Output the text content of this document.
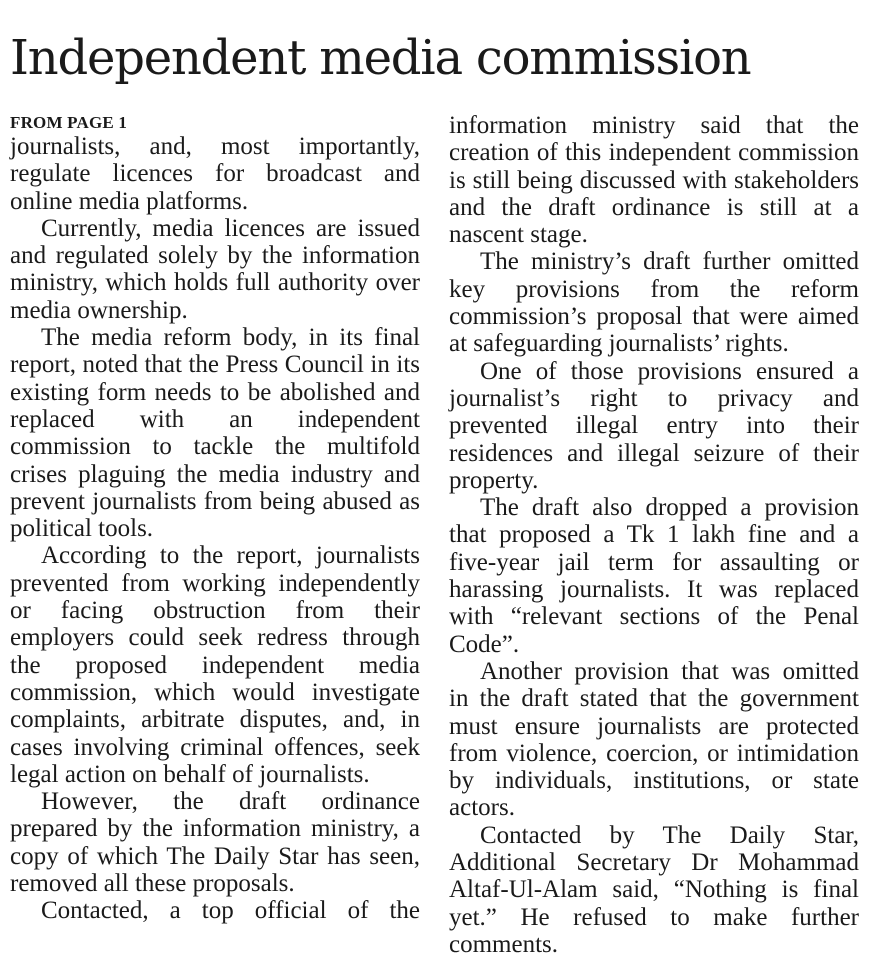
Independent media commission
FROM PAGE 1

journalists, and, most importantly, regulate licences for broadcast and online media platforms.

Currently, media licences are issued and regulated solely by the information ministry, which holds full authority over media ownership.

The media reform body, in its final report, noted that the Press Council in its existing form needs to be abolished and replaced with an independent commission to tackle the multifold crises plaguing the media industry and prevent journalists from being abused as political tools.

According to the report, journalists prevented from working independently or facing obstruction from their employers could seek redress through the proposed independent media commission, which would investigate complaints, arbitrate disputes, and, in cases involving criminal offences, seek legal action on behalf of journalists.

However, the draft ordinance prepared by the information ministry, a copy of which The Daily Star has seen, removed all these proposals.

Contacted, a top official of the

information ministry said that the creation of this independent commission is still being discussed with stakeholders and the draft ordinance is still at a nascent stage.

The ministry’s draft further omitted key provisions from the reform commission’s proposal that were aimed at safeguarding journalists’ rights.

One of those provisions ensured a journalist’s right to privacy and prevented illegal entry into their residences and illegal seizure of their property.

The draft also dropped a provision that proposed a Tk 1 lakh fine and a five-year jail term for assaulting or harassing journalists. It was replaced with “relevant sections of the Penal Code”.

Another provision that was omitted in the draft stated that the government must ensure journalists are protected from violence, coercion, or intimidation by individuals, institutions, or state actors.

Contacted by The Daily Star, Additional Secretary Dr Mohammad Altaf-Ul-Alam said, “Nothing is final yet.” He refused to make further comments.
